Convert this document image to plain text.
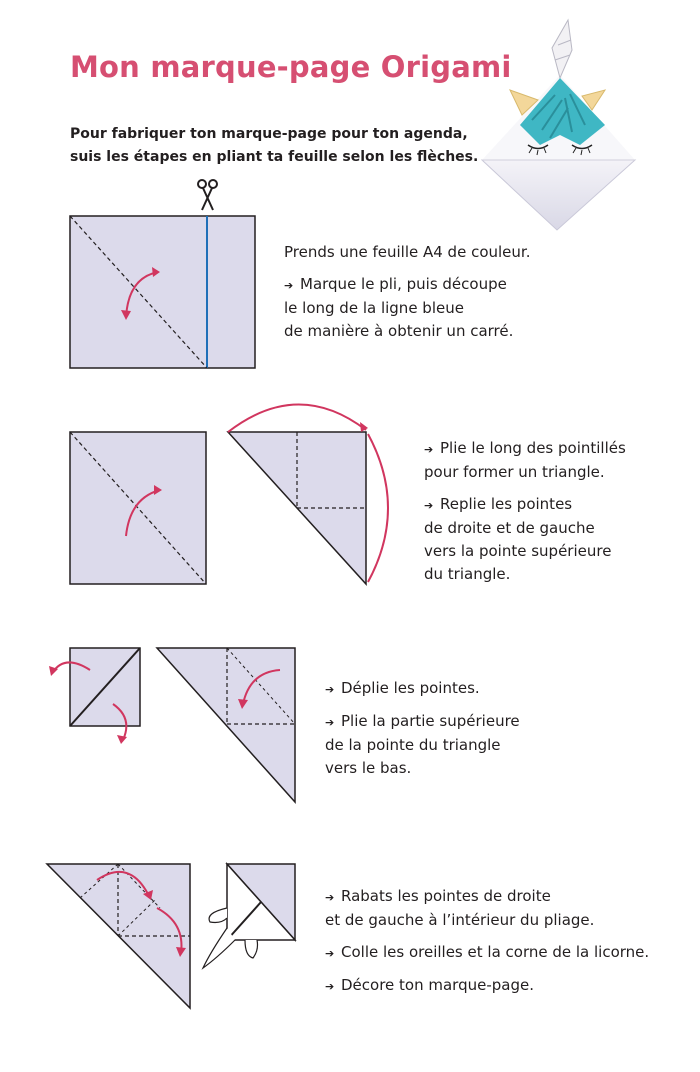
Mon marque-page Origami
Pour fabriquer ton marque-page pour ton agenda,
suis les étapes en pliant ta feuille selon les flèches.

Prends une feuille A4 de couleur.

➔ Marque le pli, puis découpe
le long de la ligne bleue
de manière à obtenir un carré.

➔ Plie le long des pointillés
pour former un triangle.

➔ Replie les pointes
de droite et de gauche
vers la pointe supérieure
du triangle.

➔ Déplie les pointes.

➔ Plie la partie supérieure
de la pointe du triangle
vers le bas.

➔ Rabats les pointes de droite
et de gauche à l’intérieur du pliage.

➔ Colle les oreilles et la corne de la licorne.

➔ Décore ton marque-page.
